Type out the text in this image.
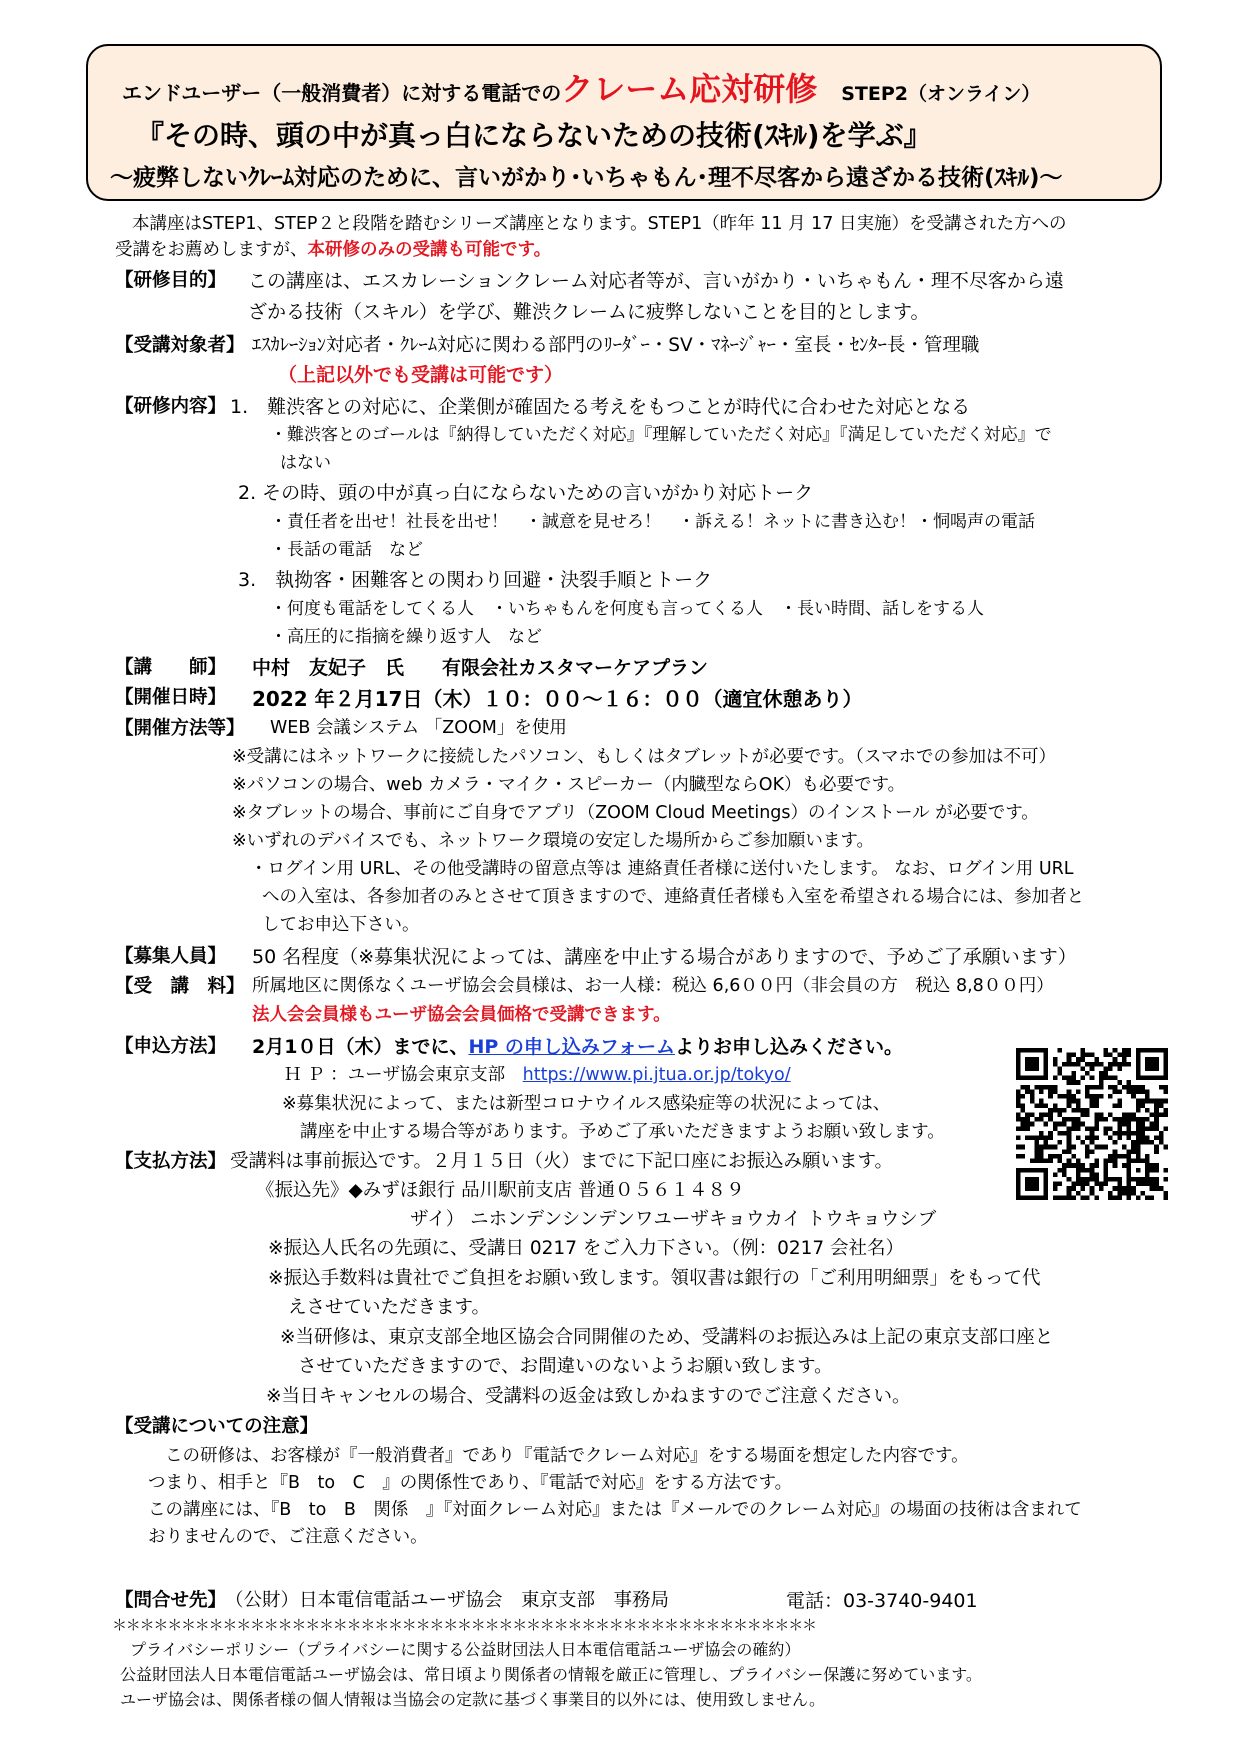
エンドユーザー（一般消費者）に対する電話でのクレーム応対研修 STEP2（オンライン）
『その時、頭の中が真っ白にならないための技術(ｽｷﾙ)を学ぶ』
～疲弊しないｸﾚｰﾑ対応のために、言いがかり･いちゃもん･理不尽客から遠ざかる技術(ｽｷﾙ)～
本講座はSTEP1、STEP２と段階を踏むシリーズ講座となります。STEP1（昨年 11 月 17 日実施）を受講された方への
受講をお薦めしますが、本研修のみの受講も可能です。
【研修目的】 この講座は、エスカレーションクレーム対応者等が、言いがかり・いちゃもん・理不尽客から遠
ざかる技術（スキル）を学び、難渋クレームに疲弊しないことを目的とします。
【受講対象者】 ｴｽｶﾚｰｼｮﾝ対応者・ｸﾚｰﾑ対応に関わる部門のﾘｰﾀﾞｰ・SV・ﾏﾈｰｼﾞｬｰ・室長・ｾﾝﾀｰ長・管理職
（上記以外でも受講は可能です）
【研修内容】 1.　難渋客との対応に、企業側が確固たる考えをもつことが時代に合わせた対応となる
・難渋客とのゴールは『納得していただく対応』『理解していただく対応』『満足していただく対応』で
はない
2. その時、頭の中が真っ白にならないための言いがかり対応トーク
・責任者を出せ！社長を出せ！　・誠意を見せろ！　・訴える！ネットに書き込む！・恫喝声の電話
・長話の電話　など
3.　執拗客・困難客との関わり回避・決裂手順とトーク
・何度も電話をしてくる人　・いちゃもんを何度も言ってくる人　・長い時間、話しをする人
・高圧的に指摘を繰り返す人　など
【講　　師】 中村　友妃子　氏　　有限会社カスタマーケアプラン
【開催日時】 2022 年２月17日（木）１０：００～１６：００（適宜休憩あり）
【開催方法等】 WEB 会議システム 「ZOOM」を使用
※受講にはネットワークに接続したパソコン、もしくはタブレットが必要です。（スマホでの参加は不可）
※パソコンの場合、web カメラ・マイク・スピーカー（内臓型ならOK）も必要です。
※タブレットの場合、事前にご自身でアプリ（ZOOM Cloud Meetings）のインストール が必要です。
※いずれのデバイスでも、ネットワーク環境の安定した場所からご参加願います。
・ログイン用 URL、その他受講時の留意点等は 連絡責任者様に送付いたします。 なお、ログイン用 URL
への入室は、各参加者のみとさせて頂きますので、連絡責任者様も入室を希望される場合には、参加者と
してお申込下さい。
【募集人員】 50 名程度（※募集状況によっては、講座を中止する場合がありますので、予めご了承願います）
【受　講　料】 所属地区に関係なくユーザ協会会員様は、お一人様：税込 6,6００円（非会員の方　税込 8,8００円）
法人会会員様もユーザ協会会員価格で受講できます。
【申込方法】 2月1０日（木）までに、HP の申し込みフォームよりお申し込みください。
Ｈ Ｐ ：ユーザ協会東京支部　 https://www.pi.jtua.or.jp/tokyo/
※募集状況によって、または新型コロナウイルス感染症等の状況によっては、
講座を中止する場合等があります。予めご了承いただきますようお願い致します。
【支払方法】 受講料は事前振込です。２月１５日（火）までに下記口座にお振込み願います。
《振込先》◆みずほ銀行 品川駅前支店 普通０５６１４８９
ザイ） ニホンデンシンデンワユーザキョウカイ トウキョウシブ
※振込人氏名の先頭に、受講日 0217 をご入力下さい。（例：0217 会社名）
※振込手数料は貴社でご負担をお願い致します。領収書は銀行の「ご利用明細票」をもって代
えさせていただきます。
※当研修は、東京支部全地区協会合同開催のため、受講料のお振込みは上記の東京支部口座と
させていただきますので、お間違いのないようお願い致します。
※当日キャンセルの場合、受講料の返金は致しかねますのでご注意ください。
【受講についての注意】
この研修は、お客様が『一般消費者』であり『電話でクレーム対応』をする場面を想定した内容です。
つまり、相手と『B　to　C　』の関係性であり、『電話で対応』をする方法です。
この講座には、『B　to　B　関係　』『対面クレーム対応』または『メールでのクレーム対応』の場面の技術は含まれて
おりませんので、ご注意ください。
【問合せ先】
（公財）日本電信電話ユーザ協会　東京支部　事務局	電話：03-3740-9401
＊＊＊＊＊＊＊＊＊＊＊＊＊＊＊＊＊＊＊＊＊＊＊＊＊＊＊＊＊＊＊＊＊＊＊＊＊＊＊＊＊＊＊＊＊＊＊＊＊＊＊
プライバシーポリシー（プライバシーに関する公益財団法人日本電信電話ユーザ協会の確約）
公益財団法人日本電信電話ユーザ協会は、常日頃より関係者の情報を厳正に管理し、プライバシー保護に努めています。
ユーザ協会は、関係者様の個人情報は当協会の定款に基づく事業目的以外には、使用致しません。
